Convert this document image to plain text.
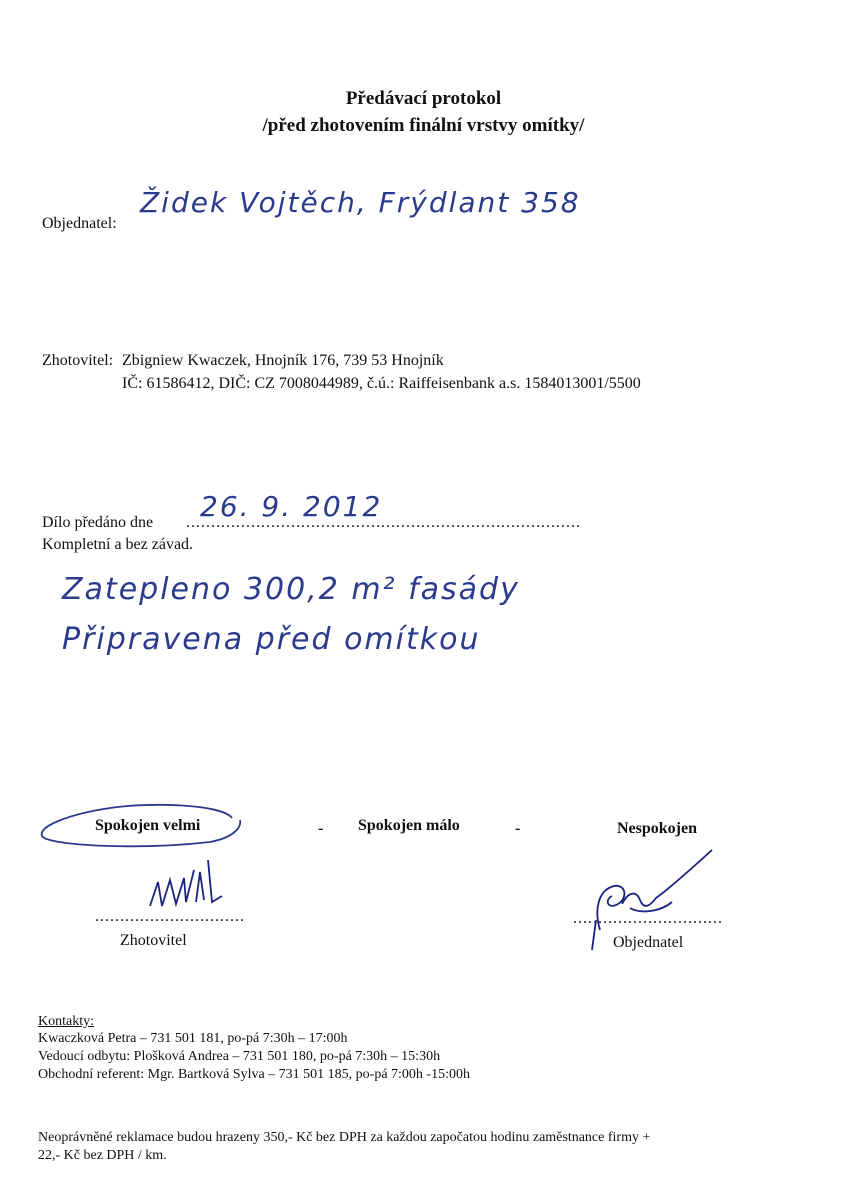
Předávací protokol
/před zhotovením finální vrstvy omítky/
Objednatel:
Židek Vojtěch, Frýdlant 358
Zhotovitel: Zbigniew Kwaczek, Hnojník 176, 739 53 Hnojník
IČ: 61586412, DIČ: CZ 7008044989, č.ú.: Raiffeisenbank a.s. 1584013001/5500
Dílo předáno dne ...............................................................................
26. 9. 2012
Kompletní a bez závad.
Zatepleno 300,2 m² fasády
Připravena před omítkou
Spokojen velmi	- Spokojen málo	-	Nespokojen
..............................
Zhotovitel
..............................
Objednatel
Kontakty:
Kwaczková Petra – 731 501 181, po-pá 7:30h – 17:00h
Vedoucí odbytu: Plošková Andrea – 731 501 180, po-pá 7:30h – 15:30h
Obchodní referent: Mgr. Bartková Sylva – 731 501 185, po-pá 7:00h -15:00h
Neoprávněné reklamace budou hrazeny 350,- Kč bez DPH za každou započatou hodinu zaměstnance firmy +
22,- Kč bez DPH / km.
